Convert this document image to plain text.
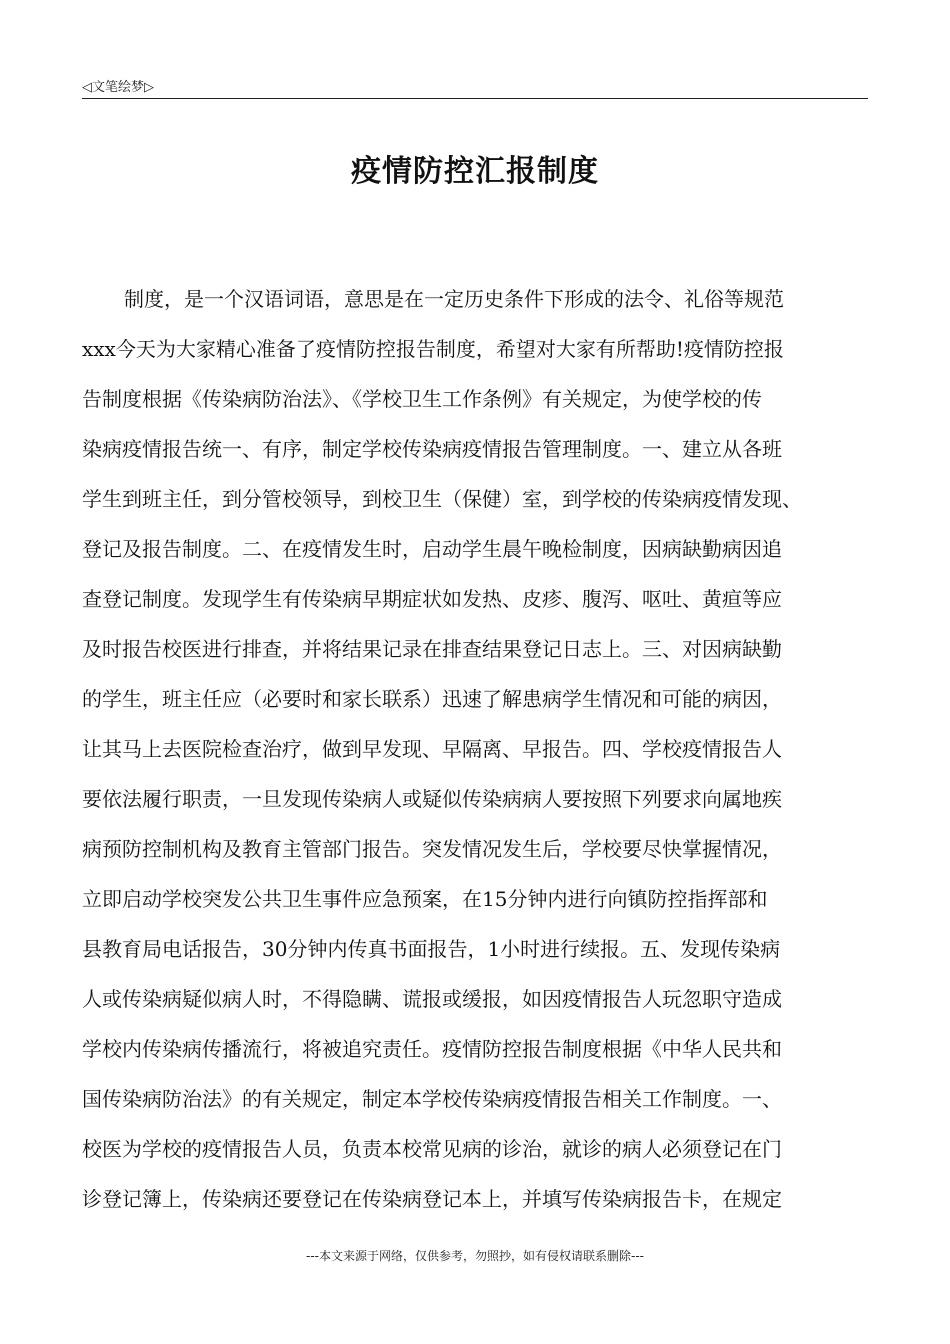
◁文笔绘梦▷
疫情防控汇报制度
制度，是一个汉语词语，意思是在一定历史条件下形成的法令、礼俗等规范
xxx今天为大家精心准备了疫情防控报告制度，希望对大家有所帮助!疫情防控报
告制度根据《传染病防治法》、《学校卫生工作条例》有关规定，为使学校的传
染病疫情报告统一、有序，制定学校传染病疫情报告管理制度。一、建立从各班
学生到班主任，到分管校领导，到校卫生（保健）室，到学校的传染病疫情发现、
登记及报告制度。二、在疫情发生时，启动学生晨午晚检制度，因病缺勤病因追
查登记制度。发现学生有传染病早期症状如发热、皮疹、腹泻、呕吐、黄疸等应
及时报告校医进行排查，并将结果记录在排查结果登记日志上。三、对因病缺勤
的学生，班主任应（必要时和家长联系）迅速了解患病学生情况和可能的病因，
让其马上去医院检查治疗，做到早发现、早隔离、早报告。四、学校疫情报告人
要依法履行职责，一旦发现传染病人或疑似传染病病人要按照下列要求向属地疾
病预防控制机构及教育主管部门报告。突发情况发生后，学校要尽快掌握情况，
立即启动学校突发公共卫生事件应急预案，在15分钟内进行向镇防控指挥部和
县教育局电话报告，30分钟内传真书面报告，1小时进行续报。五、发现传染病
人或传染病疑似病人时，不得隐瞒、谎报或缓报，如因疫情报告人玩忽职守造成
学校内传染病传播流行，将被追究责任。疫情防控报告制度根据《中华人民共和
国传染病防治法》的有关规定，制定本学校传染病疫情报告相关工作制度。一、
校医为学校的疫情报告人员，负责本校常见病的诊治，就诊的病人必须登记在门
诊登记簿上，传染病还要登记在传染病登记本上，并填写传染病报告卡，在规定
---本文来源于网络，仅供参考，勿照抄，如有侵权请联系删除---
